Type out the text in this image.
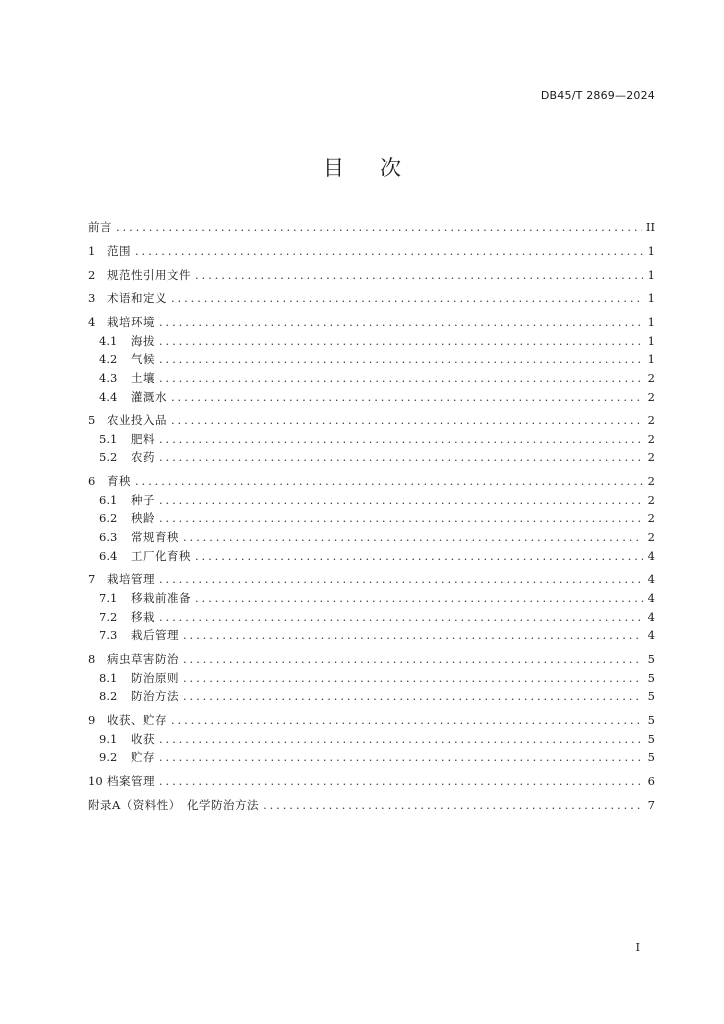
DB45/T 2869—2024
目次
前言 .....	II
1	范围 .....	1
2	规范性引用文件 .....	1
3	术语和定义 .....	1
4	栽培环境 .....	1
4.1	海拔 .....	1
4.2	气候 .....	1
4.3	土壤 .....	2
4.4	灌溉水 .....	2
5	农业投入品 .....	2
5.1	肥料 .....	2
5.2	农药 .....	2
6	育秧 .....	2
6.1	种子 .....	2
6.2	秧龄 .....	2
6.3	常规育秧 .....	2
6.4	工厂化育秧 .....	4
7	栽培管理 .....	4
7.1	移栽前准备 .....	4
7.2	移栽 .....	4
7.3	栽后管理 .....	4
8	病虫草害防治 .....	5
8.1	防治原则 .....	5
8.2	防治方法 .....	5
9	收获、贮存 .....	5
9.1	收获 .....	5
9.2	贮存 .....	5
10 档案管理 .....	6
附录A（资料性）　化学防治方法 .....	7
I
